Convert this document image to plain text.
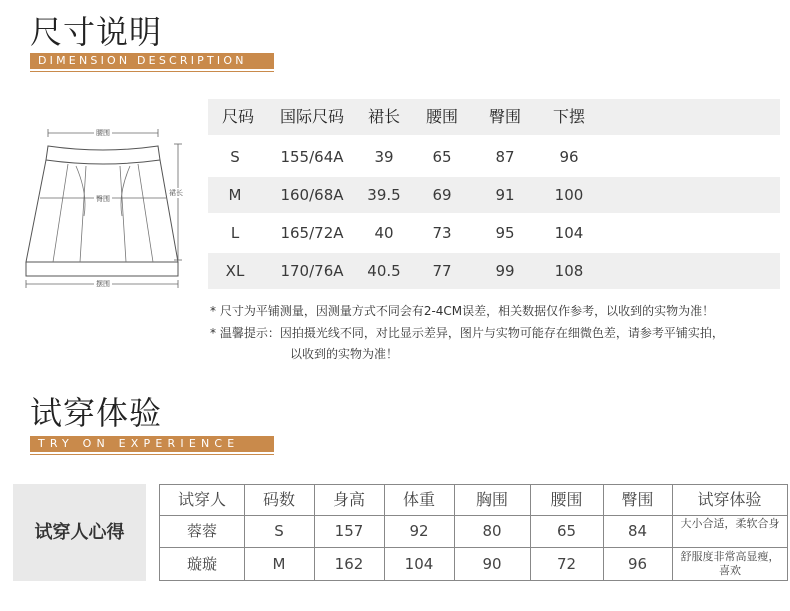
尺寸说明
DIMENSION DESCRIPTION
腰围
臀围
裙长
摆围
尺码	国际尺码	裙长	腰围	臀围	下摆
S	155/64A	39	65	87	96
M	160/68A	39.5	69	91	100
L	165/72A	40	73	95	104
XL	170/76A	40.5	77	99	108
* 尺寸为平铺测量，因测量方式不同会有2-4CM误差，相关数据仅作参考，以收到的实物为准！
* 温馨提示：因拍摄光线不同，对比显示差异，图片与实物可能存在细微色差，请参考平铺实拍，
以收到的实物为准！
试穿体验
TRY ON EXPERIENCE
试穿人心得
试穿人	码数	身高	体重	胸围	腰围	臀围	试穿体验
蓉蓉	S	157	92	80	65	84	大小合适，柔软合身
璇璇	M	162	104	90	72	96	舒服度非常高显瘦，喜欢
